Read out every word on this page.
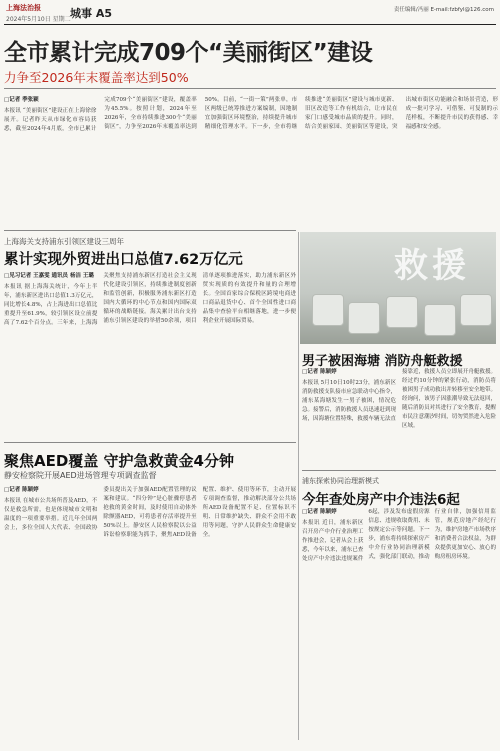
上海法治报
2024年5月10日 星期二 城事 A5	责任编辑/冯丽 E-mail:fzbfyl@126.com
全市累计完成709个“美丽街区”建设
力争至2026年末覆盖率达到50%
□记者 季张颖
本报讯 “美丽街区”建设正在上海徐徐展开。记者昨天从市绿化市容局获悉，截至2024年4月底，全市已累计完成709个“美丽街区”建设，覆盖率为45.5%。按照计划，2024年至2026年，全市持续推进300个“美丽街区”，力争至2026年末覆盖率达到50%。目前，“一街一策”两张单，市区两级已统筹推进方案编制，因地制宜加强街区环境整治，持续提升城市精细化管理水平。下一步，全市将继续推进“美丽街区”建设与城市更新、旧区改造等工作有机结合，让市民在家门口感受城市品质的提升。同时，结合美丽家园、美丽街区等建设，突出城市街区功能融合和场景营造，形成一批可学习、可借鉴、可复制的示范样板，不断提升市民的获得感、幸福感和安全感。
上海海关支持浦东引领区建设三周年
累计实现外贸进出口总值7.62万亿元
□见习记者 王嘉雯 通讯员 杨洁 王璐
本报讯 据上海海关统计，今年上半年，浦东新区进出口总值1.3万亿元，同比增长4.8%，占上海进出口总值比重提升至61.9%，较引领区设立前提高了7.62个百分点。三年来，上海海关聚焦支持浦东新区打造社会主义现代化建设引领区，持续推进制度创新和监管创新，积极服务浦东新区打造国内大循环的中心节点和国内国际双循环的战略链接。海关累计出台支持浦东引领区建设的举措50余项，项目清单逐项推进落实，助力浦东新区外贸实现质的有效提升和量的合理增长。全国首家综合保税区跨境电商进口商品退货中心、首个全国性进口商品集中查验平台相继落地，进一步便利企业开展国际贸易。
救援
男子被困海塘 消防舟艇救援
□记者 陈颖婷
本报讯 5月10日10时23分，浦东新区消防救援支队接市应急联动中心指令，浦东某海塘发生一男子被困，情况危急。接警后，消防救援人员迅速赶到现场，因海塘位置特殊，救援车辆无法直接靠近，救援人员立即展开舟艇救援。经过约10分钟的紧张行动，消防员将被困男子成功救出并转移至安全地带。经询问，该男子因涨潮导致无法返回，随后消防员对其进行了安全教育，提醒市民注意潮汐时间，切勿贸然进入危险区域。
聚焦AED覆盖 守护急救黄金4分钟
静安检察院开展AED进场管理专项调查监督
□记者 陈颖婷
本报讯 在城市公共场所普及AED，不仅是救急所需，也是体现城市文明和温度的一项重要举措。近几年全国两会上，多位全国人大代表、全国政协委员提出关于加强AED配置管理的议案和建议。“四分钟”是心脏骤停患者抢救的黄金时间，及时使用自动体外除颤器AED，可将患者存活率提升至50%以上。静安区人民检察院以公益诉讼检察职能为抓手，聚焦AED设备配置、维护、使用等环节，主动开展专项调查监督，推动解决部分公共场所AED设备配置不足、位置标识不明、日常维护缺失、群众不会用不敢用等问题，守护人民群众生命健康安全。
浦东探索协同治理新模式
今年查处房产中介违法6起
□记者 陈颖婷
本报讯 近日，浦东新区召开房产中介行业治理工作推进会，记者从会上获悉，今年以来，浦东已查处房产中介违法违规案件6起，涉及发布虚假房源信息、违规收取费用、未按规定公示等问题。下一步，浦东将持续探索房产中介行业协同治理新模式，强化部门联动，推动行业自律，加强信用监管，规范房地产经纪行为，维护房地产市场秩序和消费者合法权益，为群众提供更加安心、放心的购房租房环境。
